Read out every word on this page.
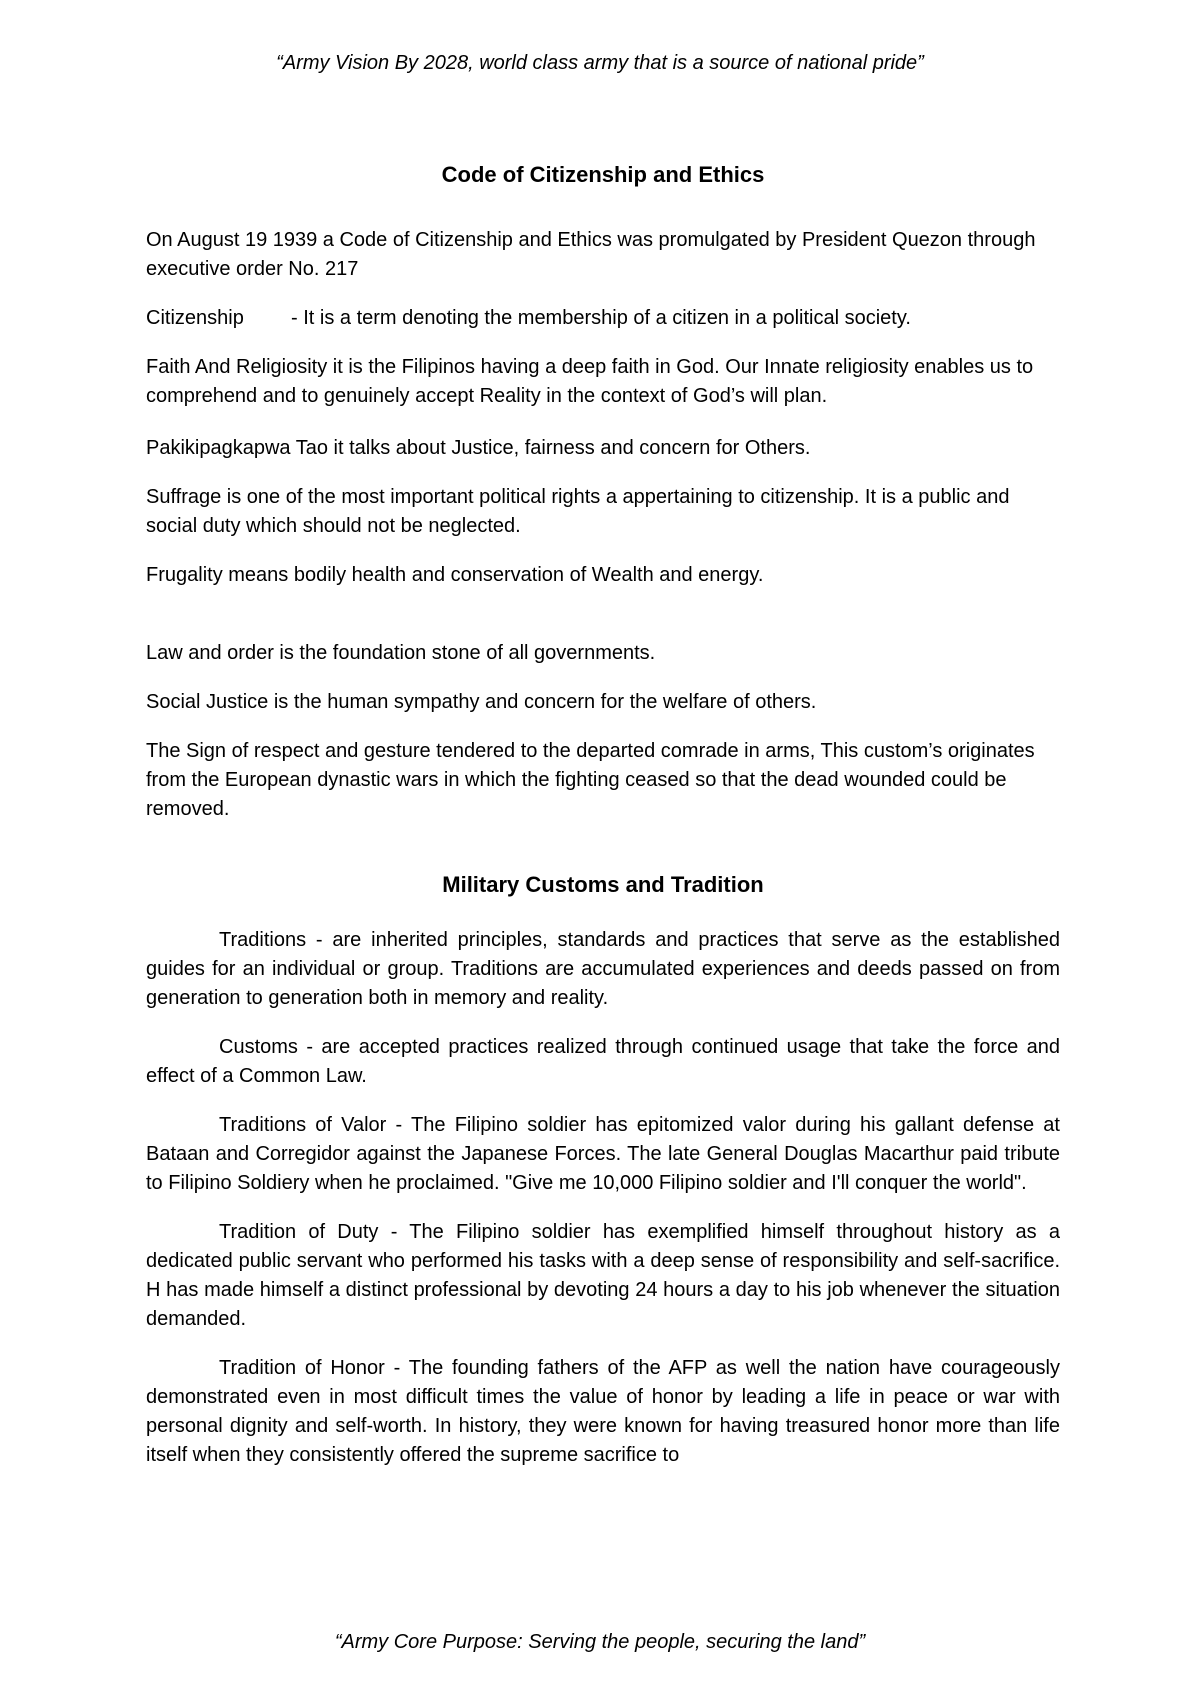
“Army Vision By 2028, world class army that is a source of national pride”
Code of Citizenship and Ethics

On August 19 1939 a Code of Citizenship and Ethics was promulgated by President Quezon through executive order No. 217

Citizenship - It is a term denoting the membership of a citizen in a political society.

Faith And Religiosity it is the Filipinos having a deep faith in God. Our Innate religiosity enables us to comprehend and to genuinely accept Reality in the context of God’s will plan.

Pakikipagkapwa Tao it talks about Justice, fairness and concern for Others.

Suffrage is one of the most important political rights a appertaining to citizenship. It is a public and social duty which should not be neglected.

Frugality means bodily health and conservation of Wealth and energy.

Law and order is the foundation stone of all governments.

Social Justice is the human sympathy and concern for the welfare of others.

The Sign of respect and gesture tendered to the departed comrade in arms, This custom’s originates from the European dynastic wars in which the fighting ceased so that the dead wounded could be removed.

Military Customs and Tradition

Traditions - are inherited principles, standards and practices that serve as the established guides for an individual or group. Traditions are accumulated experiences and deeds passed on from generation to generation both in memory and reality.

Customs - are accepted practices realized through continued usage that take the force and effect of a Common Law.

Traditions of Valor - The Filipino soldier has epitomized valor during his gallant defense at Bataan and Corregidor against the Japanese Forces. The late General Douglas Macarthur paid tribute to Filipino Soldiery when he proclaimed. "Give me 10,000 Filipino soldier and I'll conquer the world".

Tradition of Duty - The Filipino soldier has exemplified himself throughout history as a dedicated public servant who performed his tasks with a deep sense of responsibility and self-sacrifice. H has made himself a distinct professional by devoting 24 hours a day to his job whenever the situation demanded.

Tradition of Honor - The founding fathers of the AFP as well the nation have courageously demonstrated even in most difficult times the value of honor by leading a life in peace or war with personal dignity and self-worth. In history, they were known for having treasured honor more than life itself when they consistently offered the supreme sacrifice to

“Army Core Purpose: Serving the people, securing the land”
